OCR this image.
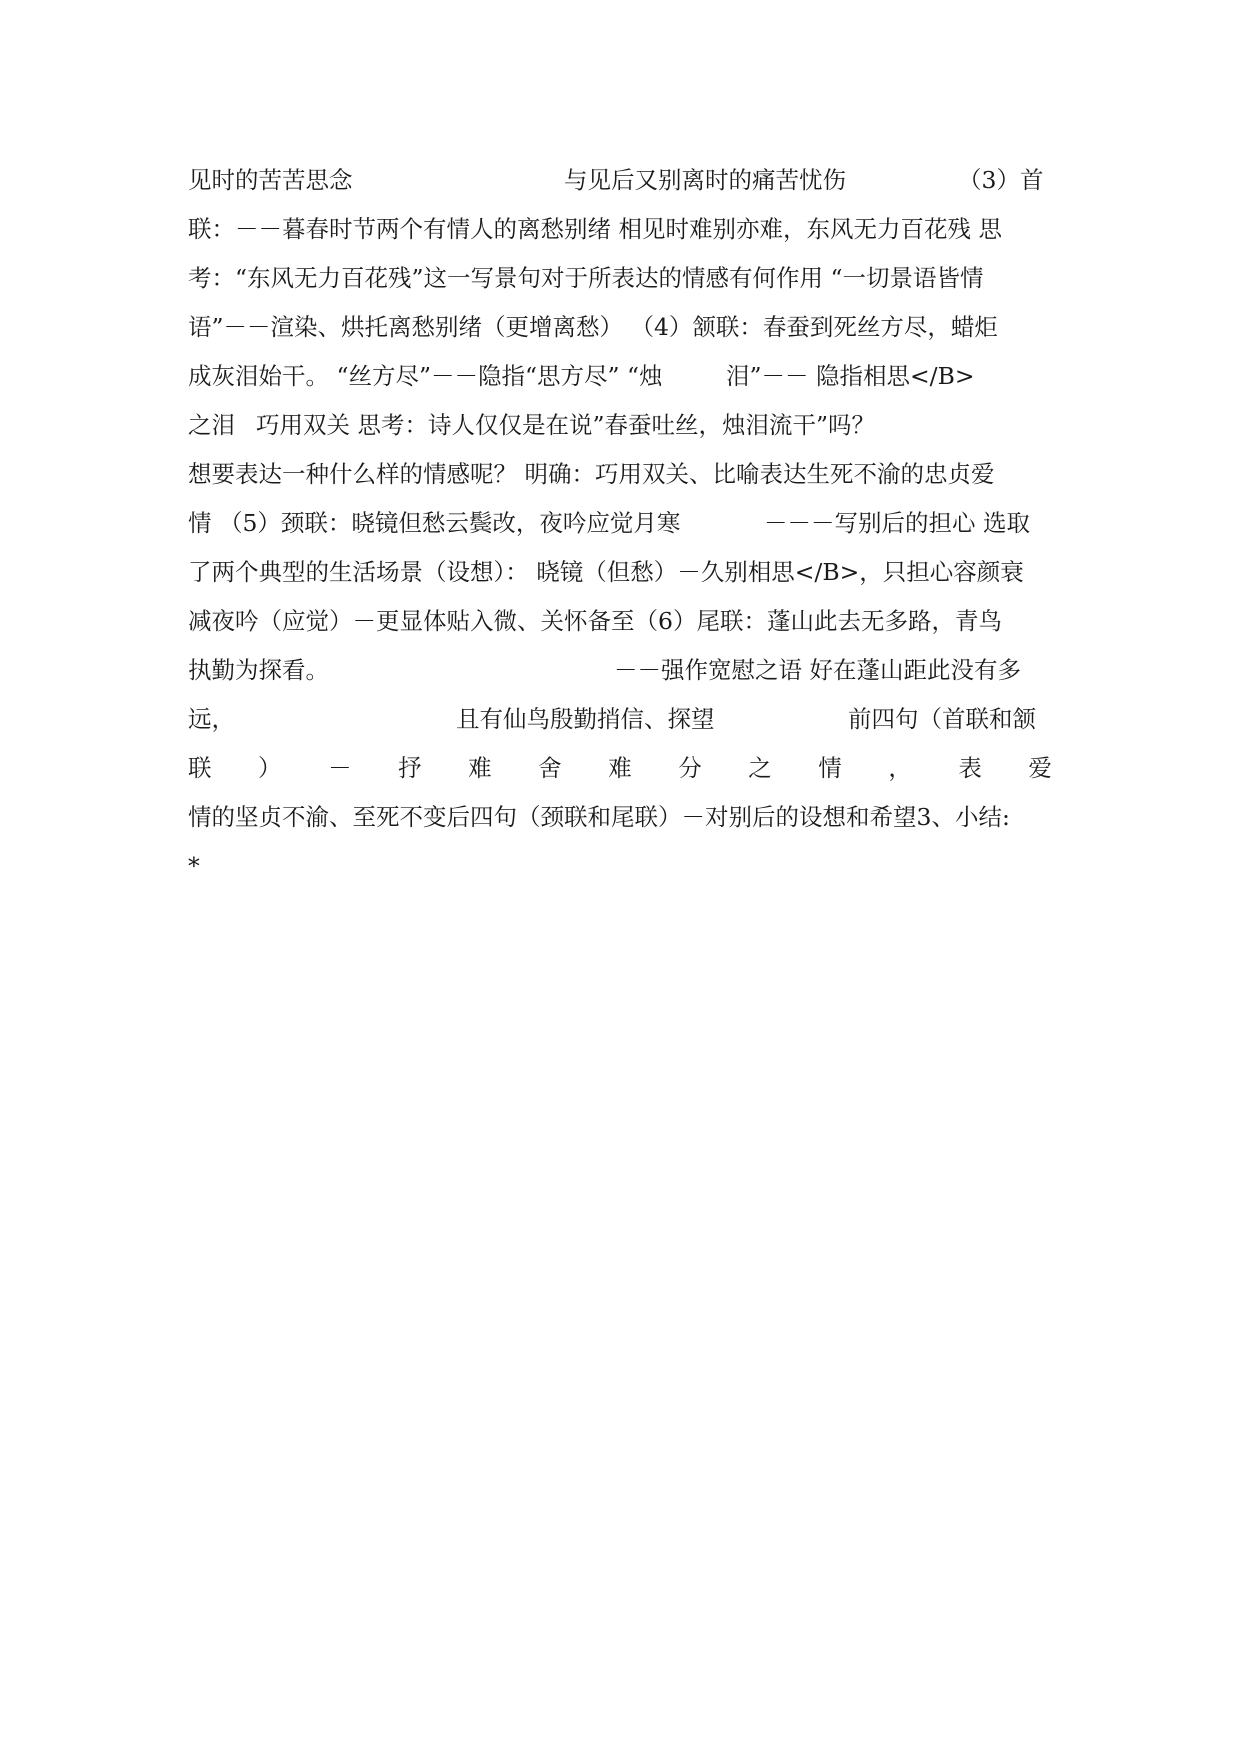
见时的苦苦思念

	与见后又别离时的痛苦忧伤

	（3）首

联：－－暮春时节两个有情人的离愁别绪 相见时难别亦难，东风无力百花残 思

考：“东风无力百花残”这一写景句对于所表达的情感有何作用 “一切景语皆情

语”－－渲染、烘托离愁别绪（更增离愁） （4）颔联：春蚕到死丝方尽，蜡炬

成灰泪始干。 “丝方尽”－－隐指“思方尽” “烛

	泪”－－ 隐指相思</B>

之泪

巧用双关 思考：诗人仅仅是在说”春蚕吐丝，烛泪流干”吗？

想要表达一种什么样的情感呢？ 明确：巧用双关、比喻表达生死不渝的忠贞爱

情 （5）颈联：晓镜但愁云鬓改，夜吟应觉月寒

	－－－写别后的担心 选取

了两个典型的生活场景（设想）： 晓镜（但愁）－久别相思</B>，只担心容颜衰

减夜吟（应觉）－更显体贴入微、关怀备至（6）尾联：蓬山此去无多路，青鸟

执勤为探看。

	－－强作宽慰之语 好在蓬山距此没有多

远，

	且有仙鸟殷勤捎信、探望

	前四句（首联和颔

联 ） － 抒 难 舍 难 分 之 情 ， 表 爱

情的坚贞不渝、至死不变后四句（颈联和尾联）－对别后的设想和希望3、小结:

*
